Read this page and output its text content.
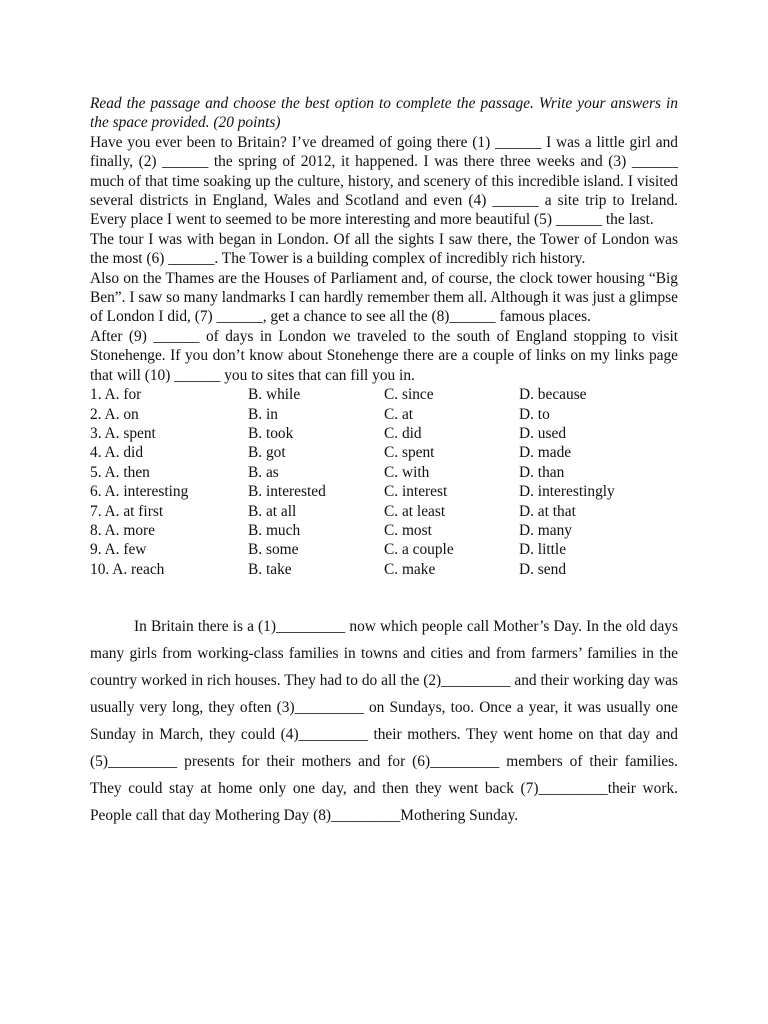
Read the passage and choose the best option to complete the passage. Write your answers in the space provided. (20 points)

Have you ever been to Britain? I’ve dreamed of going there (1) ______ I was a little girl and finally, (2) ______ the spring of 2012, it happened. I was there three weeks and (3) ______ much of that time soaking up the culture, history, and scenery of this incredible island. I visited several districts in England, Wales and Scotland and even (4) ______ a site trip to Ireland. Every place I went to seemed to be more interesting and more beautiful (5) ______ the last.

The tour I was with began in London. Of all the sights I saw there, the Tower of London was the most (6) ______. The Tower is a building complex of incredibly rich history.

Also on the Thames are the Houses of Parliament and, of course, the clock tower housing “Big Ben”. I saw so many landmarks I can hardly remember them all. Although it was just a glimpse of London I did, (7) ______, get a chance to see all the (8)______ famous places.

After (9) ______ of days in London we traveled to the south of England stopping to visit Stonehenge. If you don’t know about Stonehenge there are a couple of links on my links page that will (10) ______ you to sites that can fill you in.

1. A. for	B. while	C. since	D. because
2. A. on	B. in	C. at	D. to
3. A. spent	B. took	C. did	D. used
4. A. did	B. got	C. spent	D. made
5. A. then	B. as	C. with	D. than
6. A. interesting	B. interested	C. interest	D. interestingly
7. A. at first	B. at all	C. at least	D. at that
8. A. more	B. much	C. most	D. many
9. A. few	B. some	C. a couple	D. little
10. A. reach	B. take	C. make	D. send

In Britain there is a (1)_________ now which people call Mother’s Day. In the old days many girls from working-class families in towns and cities and from farmers’ families in the country worked in rich houses. They had to do all the (2)_________ and their working day was usually very long, they often (3)_________ on Sundays, too. Once a year, it was usually one Sunday in March, they could (4)_________ their mothers. They went home on that day and (5)_________ presents for their mothers and for (6)_________ members of their families. They could stay at home only one day, and then they went back (7)_________their work. People call that day Mothering Day (8)_________Mothering Sunday.
